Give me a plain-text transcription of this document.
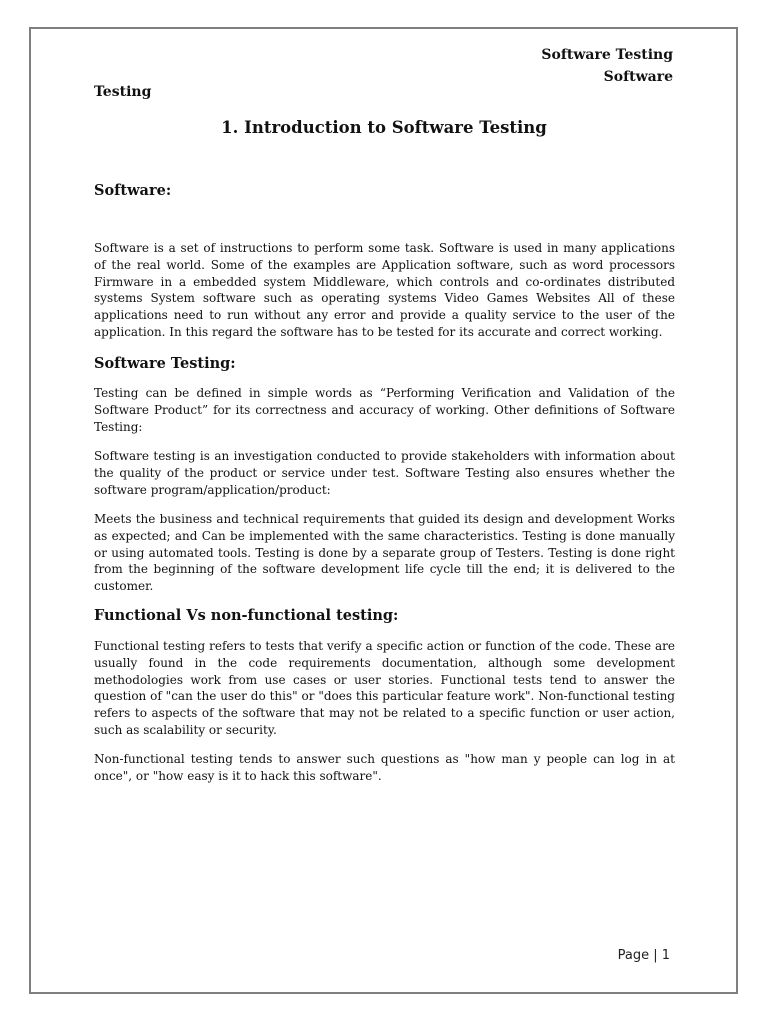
Software Testing
Software
Testing
1. Introduction to Software Testing
Software:
Software is a set of instructions to perform some task. Software is used in many applications of the real world. Some of the examples are Application software, such as word processors Firmware in a embedded system Middleware, which controls and co-ordinates distributed systems System software such as operating systems Video Games Websites All of these applications need to run without any error and provide a quality service to the user of the application. In this regard the software has to be tested for its accurate and correct working.
Software Testing:
Testing can be defined in simple words as “Performing Verification and Validation of the Software Product” for its correctness and accuracy of working. Other definitions of Software Testing:
Software testing is an investigation conducted to provide stakeholders with information about the quality of the product or service under test. Software Testing also ensures whether the software program/application/product:
Meets the business and technical requirements that guided its design and development Works as expected; and Can be implemented with the same characteristics. Testing is done manually or using automated tools. Testing is done by a separate group of Testers. Testing is done right from the beginning of the software development life cycle till the end; it is delivered to the customer.
Functional Vs non-functional testing:
Functional testing refers to tests that verify a specific action or function of the code. These are usually found in the code requirements documentation, although some development methodologies work from use cases or user stories. Functional tests tend to answer the question of "can the user do this" or "does this particular feature work". Non-functional testing refers to aspects of the software that may not be related to a specific function or user action, such as scalability or security.
Non-functional testing tends to answer such questions as "how man y people can log in at once", or "how easy is it to hack this software".
Page | 1
